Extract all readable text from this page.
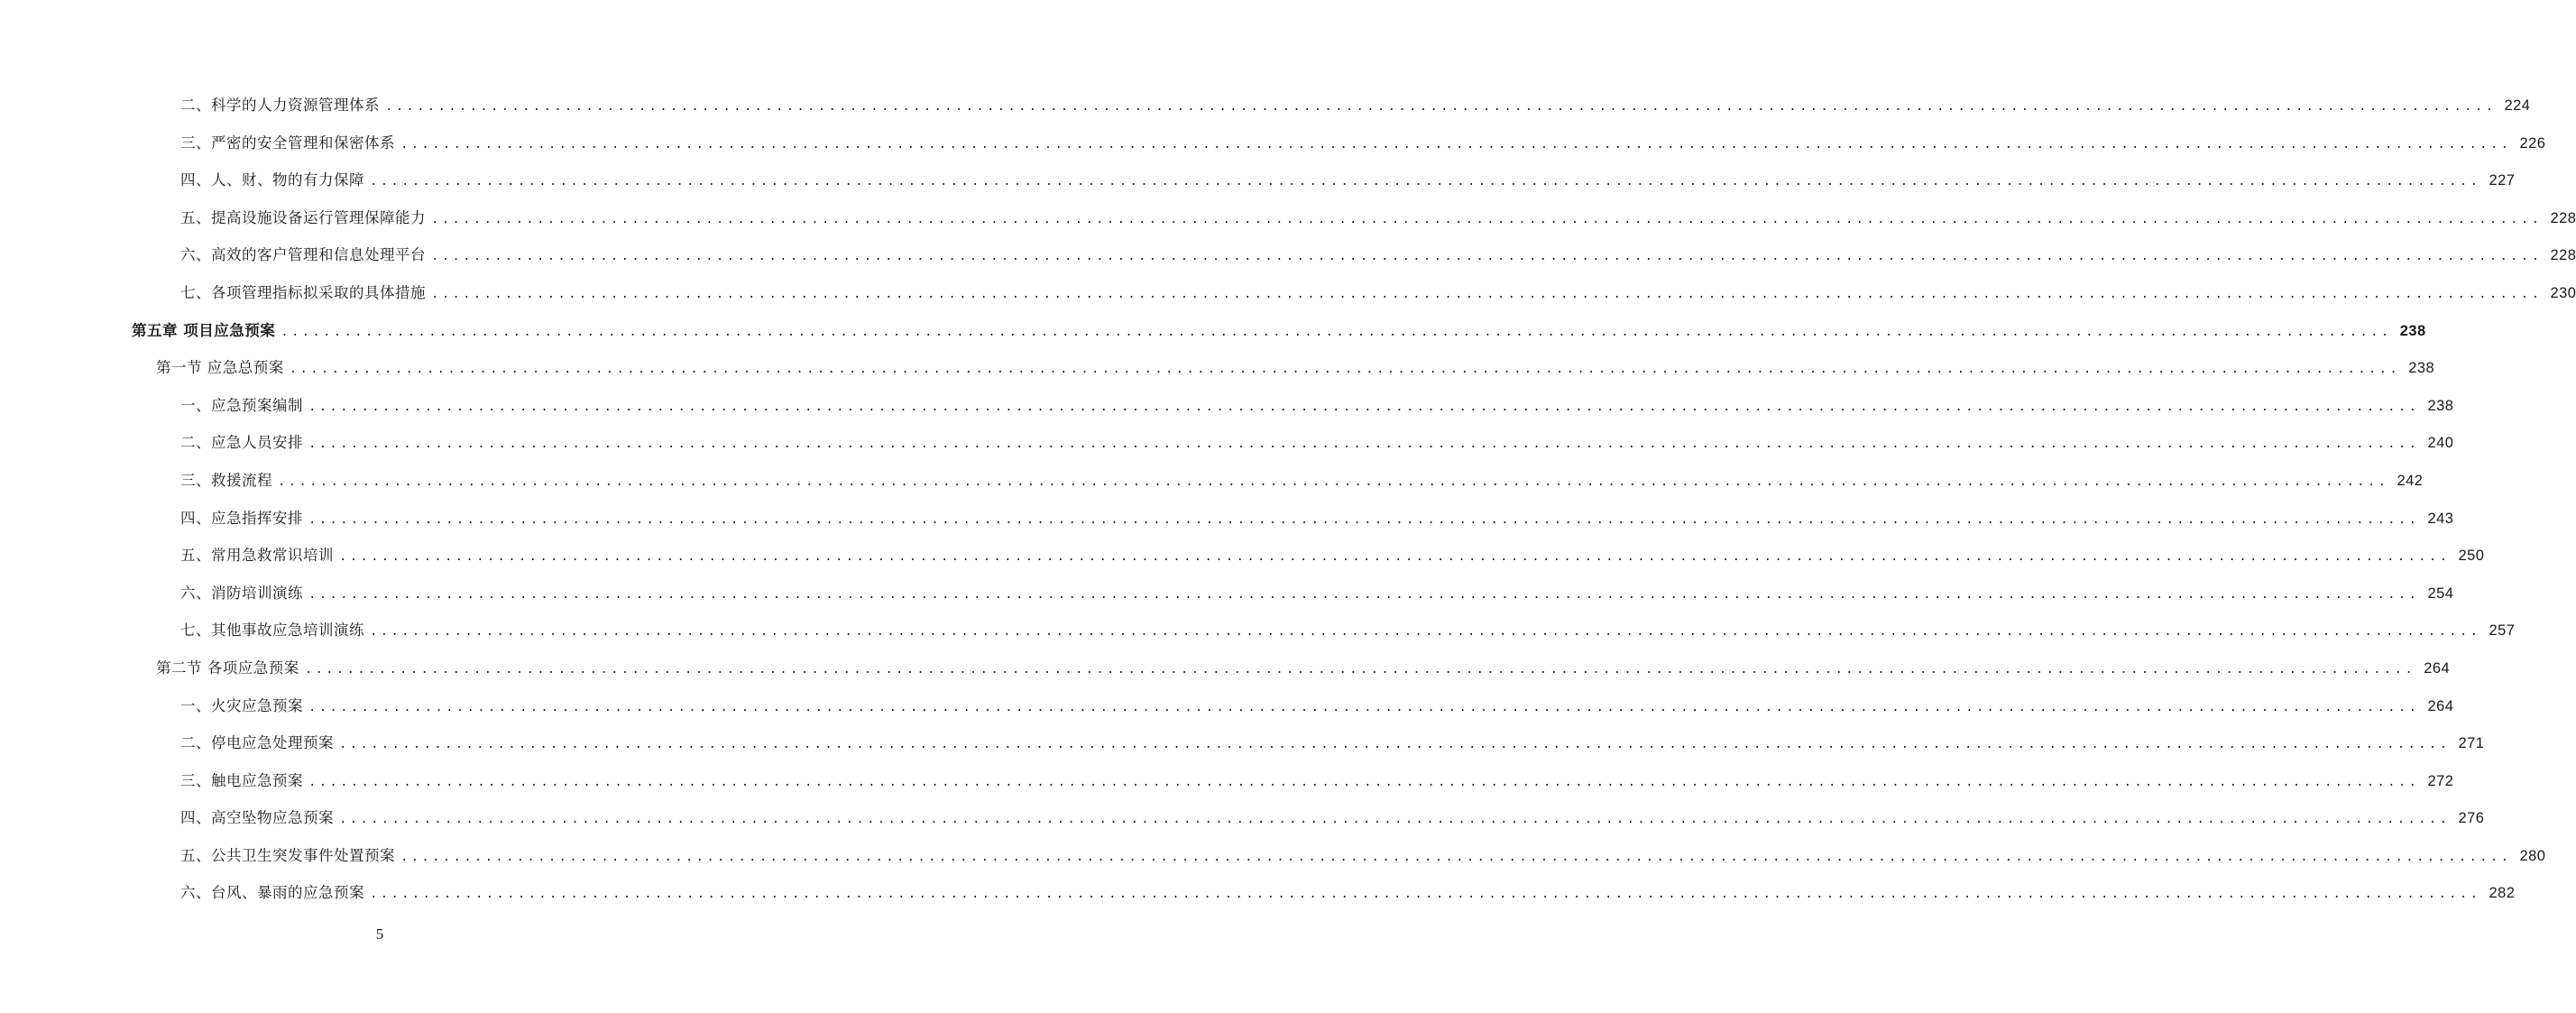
二、科学的人力资源管理体系 ........................................................................................................................................................................................................ 224
三、严密的安全管理和保密体系 ........................................................................................................................................................................................................ 226
四、人、财、物的有力保障 ........................................................................................................................................................................................................ 227
五、提高设施设备运行管理保障能力 ........................................................................................................................................................................................................ 228
六、高效的客户管理和信息处理平台 ........................................................................................................................................................................................................ 228
七、各项管理指标拟采取的具体措施 ........................................................................................................................................................................................................ 230
第五章 项目应急预案 ........................................................................................................................................................................................................ 238
第一节 应急总预案 ........................................................................................................................................................................................................ 238
一、应急预案编制 ........................................................................................................................................................................................................ 238
二、应急人员安排 ........................................................................................................................................................................................................ 240
三、救援流程 ........................................................................................................................................................................................................ 242
四、应急指挥安排 ........................................................................................................................................................................................................ 243
五、常用急救常识培训 ........................................................................................................................................................................................................ 250
六、消防培训演练 ........................................................................................................................................................................................................ 254
七、其他事故应急培训演练 ........................................................................................................................................................................................................ 257
第二节 各项应急预案 ........................................................................................................................................................................................................ 264
一、火灾应急预案 ........................................................................................................................................................................................................ 264
二、停电应急处理预案 ........................................................................................................................................................................................................ 271
三、触电应急预案 ........................................................................................................................................................................................................ 272
四、高空坠物应急预案 ........................................................................................................................................................................................................ 276
五、公共卫生突发事件处置预案 ........................................................................................................................................................................................................ 280
六、台风、暴雨的应急预案 ........................................................................................................................................................................................................ 282
5
